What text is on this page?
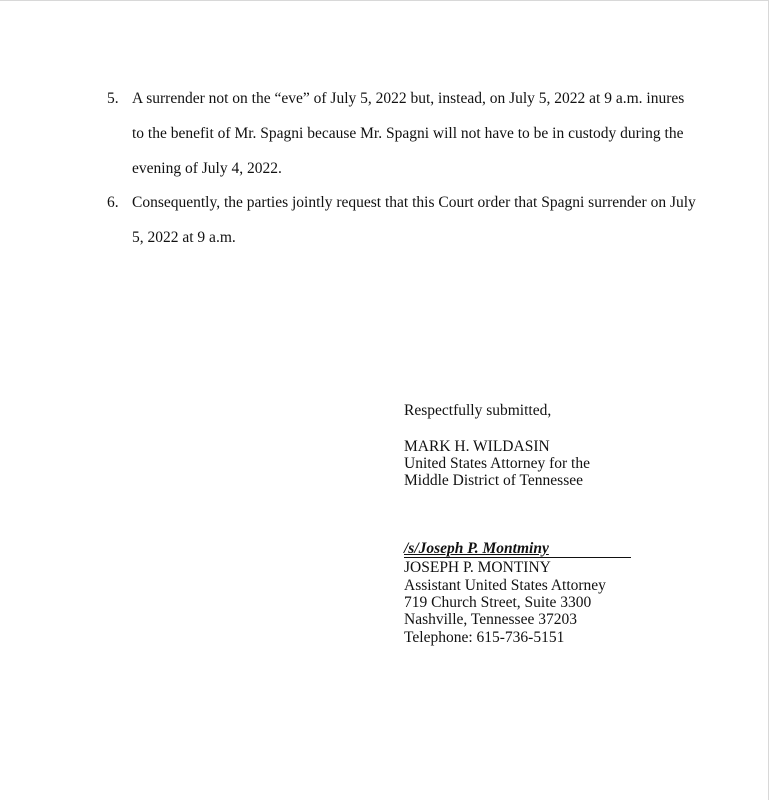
5. A surrender not on the “eve” of July 5, 2022 but, instead, on July 5, 2022 at 9 a.m. inures
to the benefit of Mr. Spagni because Mr. Spagni will not have to be in custody during the
evening of July 4, 2022.
6. Consequently, the parties jointly request that this Court order that Spagni surrender on July
5, 2022 at 9 a.m.
Respectfully submitted,
MARK H. WILDASIN
United States Attorney for the
Middle District of Tennessee
/s/Joseph P. Montminy
JOSEPH P. MONTINY
Assistant United States Attorney
719 Church Street, Suite 3300
Nashville, Tennessee 37203
Telephone: 615-736-5151
